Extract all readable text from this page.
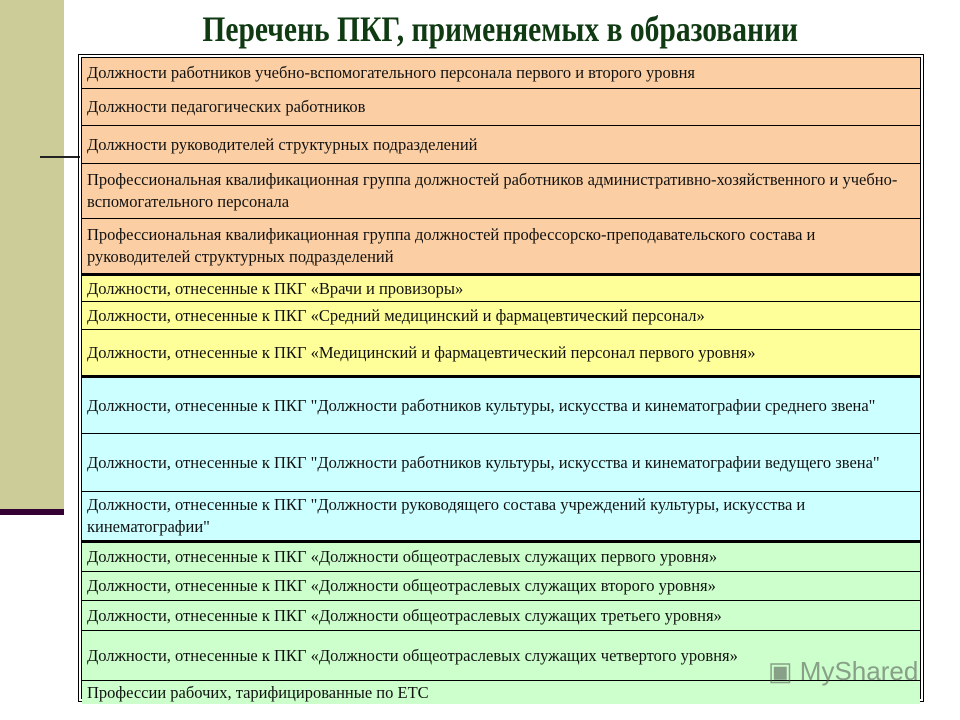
Перечень ПКГ, применяемых в образовании
Должности работников учебно-вспомогательного персонала первого и второго уровня
Должности педагогических работников
Должности руководителей структурных подразделений
Профессиональная квалификационная группа должностей работников административно-хозяйственного и учебно-вспомогательного персонала
Профессиональная квалификационная группа должностей профессорско-преподавательского состава и руководителей структурных подразделений
Должности, отнесенные к ПКГ «Врачи и провизоры»
Должности, отнесенные к ПКГ «Средний медицинский и фармацевтический персонал»
Должности, отнесенные к ПКГ «Медицинский и фармацевтический персонал первого уровня»
Должности, отнесенные к ПКГ "Должности работников культуры, искусства и кинематографии среднего звена"
Должности, отнесенные к ПКГ "Должности работников культуры, искусства и кинематографии ведущего звена"
Должности, отнесенные к ПКГ "Должности руководящего состава учреждений культуры, искусства и кинематографии"
Должности, отнесенные к ПКГ «Должности общеотраслевых служащих первого уровня»
Должности, отнесенные к ПКГ «Должности общеотраслевых служащих второго уровня»
Должности, отнесенные к ПКГ «Должности общеотраслевых служащих третьего уровня»
Должности, отнесенные к ПКГ «Должности общеотраслевых служащих четвертого уровня»
Профессии рабочих, тарифицированные по ЕТС
▣ MyShared
